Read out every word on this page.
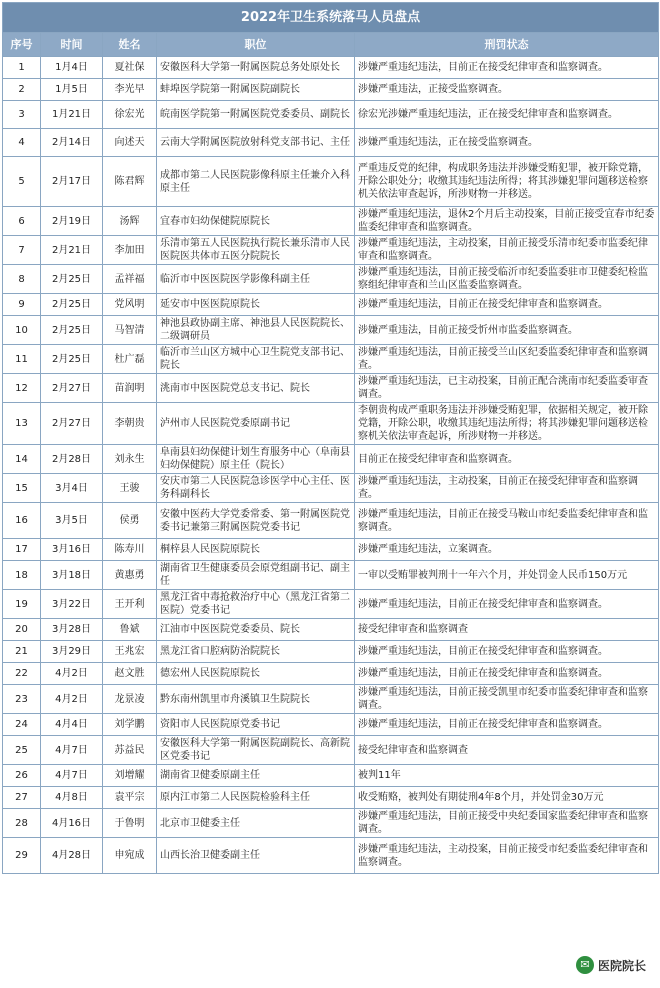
2022年卫生系统落马人员盘点				
序号	时间	姓名	职位	刑罚状态
1	1月4日	夏社保	安徽医科大学第一附属医院总务处原处长	涉嫌严重违纪违法，目前正在接受纪律审查和监察调查。
2	1月5日	李光早	蚌埠医学院第一附属医院副院长	涉嫌严重违法，正接受监察调查。
3	1月21日	徐宏光	皖南医学院第一附属医院党委委员、副院长	徐宏光涉嫌严重违纪违法，正在接受纪律审查和监察调查。
4	2月14日	向述天	云南大学附属医院放射科党支部书记、主任	涉嫌严重违纪违法，正在接受监察调查。
5	2月17日	陈君辉	成都市第二人民医院影像科原主任兼介入科原主任	严重违反党的纪律，构成职务违法并涉嫌受贿犯罪，被开除党籍，开除公职处分；收缴其违纪违法所得；将其涉嫌犯罪问题移送检察机关依法审查起诉，所涉财物一并移送。
6	2月19日	汤辉	宜春市妇幼保健院原院长	涉嫌严重违纪违法，退休2个月后主动投案，目前正接受宜春市纪委监委纪律审查和监察调查。
7	2月21日	李加田	乐清市第五人民医院执行院长兼乐清市人民医院医共体市五医分院院长	涉嫌严重违纪违法，主动投案，目前正接受乐清市纪委市监委纪律审查和监察调查。
8	2月25日	孟祥福	临沂市中医医院医学影像科副主任	涉嫌严重违纪违法，目前正接受临沂市纪委监委驻市卫健委纪检监察组纪律审查和兰山区监委监察调查。
9	2月25日	党风明	延安市中医医院原院长	涉嫌严重违纪违法，目前正在接受纪律审查和监察调查。
10	2月25日	马智清	神池县政协副主席、神池县人民医院院长、二级调研员	涉嫌严重违法，目前正接受忻州市监委监察调查。
11	2月25日	杜广磊	临沂市兰山区方城中心卫生院党支部书记、院长	涉嫌严重违纪违法，目前正接受兰山区纪委监委纪律审查和监察调查。
12	2月27日	苗润明	洮南市中医医院党总支书记、院长	涉嫌严重违纪违法，已主动投案，目前正配合洮南市纪委监委审查调查。
13	2月27日	李朝贵	泸州市人民医院党委原副书记	李朝贵构成严重职务违法并涉嫌受贿犯罪，依据相关规定，被开除党籍，开除公职，收缴其违纪违法所得；将其涉嫌犯罪问题移送检察机关依法审查起诉，所涉财物一并移送。
14	2月28日	刘永生	阜南县妇幼保健计划生育服务中心（阜南县妇幼保健院）原主任（院长）	目前正在接受纪律审查和监察调查。
15	3月4日	王骏	安庆市第二人民医院急诊医学中心主任、医务科副科长	涉嫌严重违纪违法，主动投案，目前正在接受纪律审查和监察调查。
16	3月5日	侯勇	安徽中医药大学党委常委、第一附属医院党委书记兼第三附属医院党委书记	涉嫌严重违纪违法，目前正在接受马鞍山市纪委监委纪律审查和监察调查。
17	3月16日	陈寿川	桐梓县人民医院原院长	涉嫌严重违纪违法，立案调查。
18	3月18日	黄惠勇	湖南省卫生健康委员会原党组副书记、副主任	一审以受贿罪被判刑十一年六个月，并处罚金人民币150万元
19	3月22日	王开利	黑龙江省中毒抢救治疗中心（黑龙江省第二医院）党委书记	涉嫌严重违纪违法，目前正在接受纪律审查和监察调查。
20	3月28日	鲁斌	江油市中医医院党委委员、院长	接受纪律审查和监察调查
21	3月29日	王兆宏	黑龙江省口腔病防治院院长	涉嫌严重违纪违法，目前正在接受纪律审查和监察调查。
22	4月2日	赵文胜	德宏州人民医院原院长	涉嫌严重违纪违法，目前正在接受纪律审查和监察调查。
23	4月2日	龙景凌	黔东南州凯里市舟溪镇卫生院院长	涉嫌严重违纪违法，目前正接受凯里市纪委市监委纪律审查和监察调查。
24	4月4日	刘学鹏	资阳市人民医院原党委书记	涉嫌严重违纪违法，目前正在接受纪律审查和监察调查。
25	4月7日	苏益民	安徽医科大学第一附属医院副院长、高新院区党委书记	接受纪律审查和监察调查
26	4月7日	刘增耀	湖南省卫健委原副主任	被判11年
27	4月8日	袁平宗	原内江市第二人民医院检验科主任	收受贿赂，被判处有期徒刑4年8个月，并处罚金30万元
28	4月16日	于鲁明	北京市卫健委主任	涉嫌严重违纪违法，目前正接受中央纪委国家监委纪律审查和监察调查。
29	4月28日	申宛成	山西长治卫健委副主任	涉嫌严重违纪违法，主动投案，目前正接受市纪委监委纪律审查和监察调查。
✉ 医院院长
